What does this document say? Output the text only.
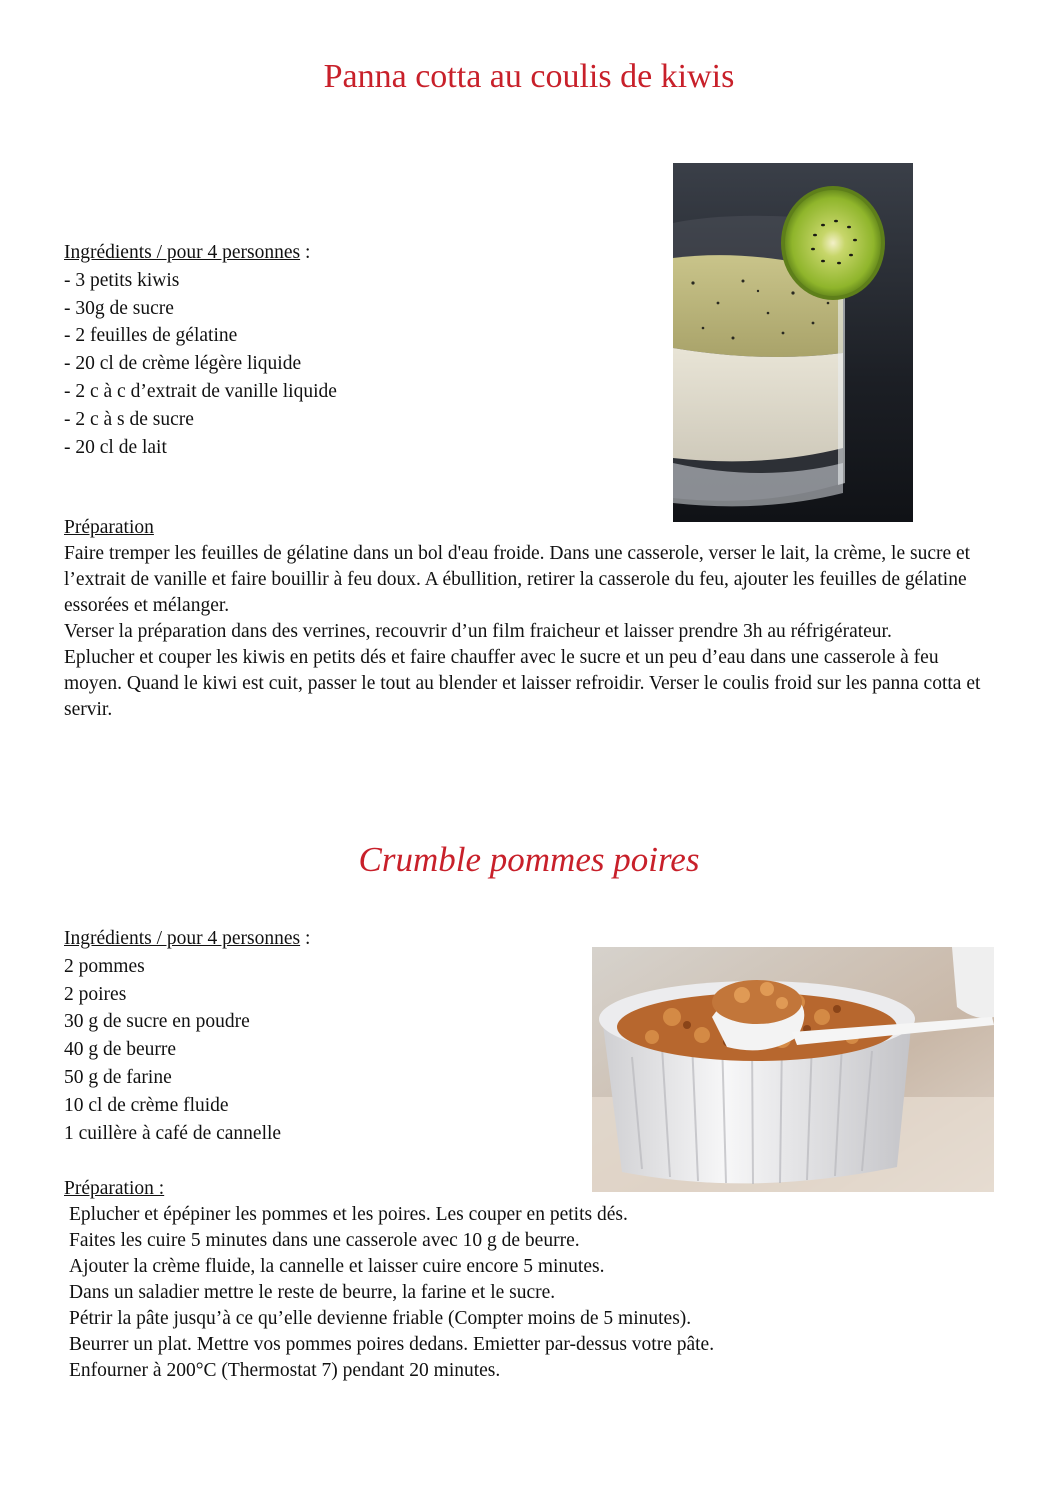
Panna cotta au coulis de kiwis
Ingrédients / pour 4 personnes :
- 3 petits kiwis
- 30g de sucre
- 2 feuilles de gélatine
- 20 cl de crème légère liquide
- 2 c à c d’extrait de vanille liquide
- 2 c à s de sucre
- 20 cl de lait
Préparation

Faire tremper les feuilles de gélatine dans un bol d'eau froide. Dans une casserole, verser le lait, la crème, le sucre et l’extrait de vanille et faire bouillir à feu doux. A ébullition, retirer la casserole du feu, ajouter les feuilles de gélatine essorées et mélanger.

Verser la préparation dans des verrines, recouvrir d’un film fraicheur et laisser prendre 3h au réfrigérateur.

Eplucher et couper les kiwis en petits dés et faire chauffer avec le sucre et un peu d’eau dans une casserole à feu moyen. Quand le kiwi est cuit, passer le tout au blender et laisser refroidir. Verser le coulis froid sur les panna cotta et servir.

Crumble pommes poires
Ingrédients / pour 4 personnes :
2 pommes
2 poires
30 g de sucre en poudre
40 g de beurre
50 g de farine
10 cl de crème fluide
1 cuillère à café de cannelle
Préparation :

Eplucher et épépiner les pommes et les poires. Les couper en petits dés.

Faites les cuire 5 minutes dans une casserole avec 10 g de beurre.

Ajouter la crème fluide, la cannelle et laisser cuire encore 5 minutes.

Dans un saladier mettre le reste de beurre, la farine et le sucre.

Pétrir la pâte jusqu’à ce qu’elle devienne friable (Compter moins de 5 minutes).

Beurrer un plat. Mettre vos pommes poires dedans. Emietter par-dessus votre pâte.

Enfourner à 200°C (Thermostat 7) pendant 20 minutes.
